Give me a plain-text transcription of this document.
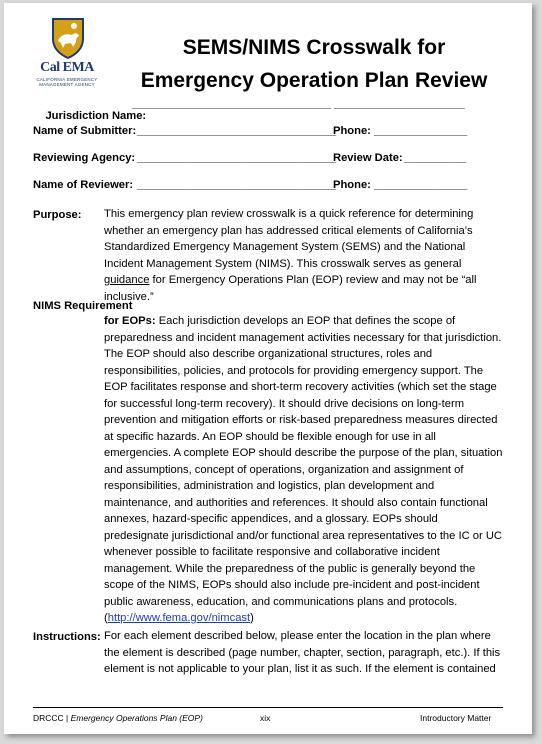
Cal EMA
CALIFORNIA EMERGENCY MANAGEMENT AGENCY
SEMS/NIMS Crosswalk for
Emergency Operation Plan Review

Jurisdiction Name:

________________________________ _____________________
Name of Submitter: ________________________________
Phone: _______________
Reviewing Agency: ________________________________
Review Date: __________
Name of Reviewer: ________________________________
Phone: _______________
Purpose: This emergency plan review crosswalk is a quick reference for determining whether an emergency plan has addressed critical elements of California’s Standardized Emergency Management System (SEMS) and the National Incident Management System (NIMS). This crosswalk serves as general guidance for Emergency Operations Plan (EOP) review and may not be “all inclusive.”
NIMS Requirement
for EOPs: Each jurisdiction develops an EOP that defines the scope of preparedness and incident management activities necessary for that jurisdiction. The EOP should also describe organizational structures, roles and responsibilities, policies, and protocols for providing emergency support. The EOP facilitates response and short-term recovery activities (which set the stage for successful long-term recovery). It should drive decisions on long-term prevention and mitigation efforts or risk-based preparedness measures directed at specific hazards. An EOP should be flexible enough for use in all emergencies. A complete EOP should describe the purpose of the plan, situation and assumptions, concept of operations, organization and assignment of responsibilities, administration and logistics, plan development and maintenance, and authorities and references. It should also contain functional annexes, hazard-specific appendices, and a glossary. EOPs should predesignate jurisdictional and/or functional area representatives to the IC or UC whenever possible to facilitate responsive and collaborative incident management. While the preparedness of the public is generally beyond the scope of the NIMS, EOPs should also include pre-incident and post-incident public awareness, education, and communications plans and protocols. (http://www.fema.gov/nimcast)
Instructions: For each element described below, please enter the location in the plan where the element is described (page number, chapter, section, paragraph, etc.). If this element is not applicable to your plan, list it as such. If the element is contained
DRCCC | Emergency Operations Plan (EOP)	xix	Introductory Matter
